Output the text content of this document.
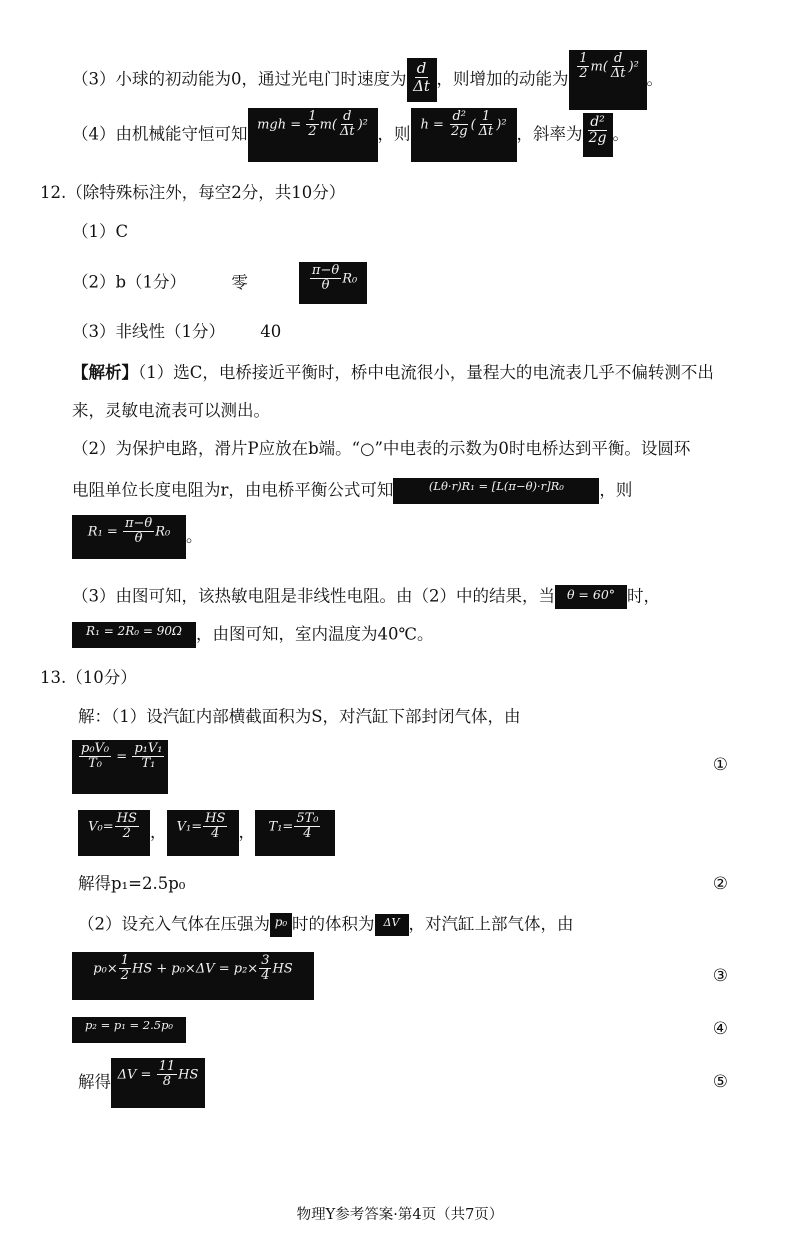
（3）小球的初动能为0，通过光电门时速度为 $\frac{d}{\Delta t}$ ，则增加的动能为 $\frac{1}{2} m( \frac{d}{\Delta t} )^2$。
（4）由机械能守恒可知 mgh = $\frac{1}{2} m( \frac{d}{\Delta t} )^2$ ，则 $h = \frac{\text{d²}}{2g}$ ( $\frac{1}{\Delta t} )^2$ ，斜率为 $\frac{\text{d²}}{2g}$ 。
12.（除特殊标注外，每空2分，共10分）
（1）C
（2）b（1分）	零	$\frac{\pi-\theta}{\theta} R_0$
（3）非线性（1分） 40
【解析】（1）选C，电桥接近平衡时，桥中电流很小，量程大的电流表几乎不偏转测不出
来，灵敏电流表可以测出。
（2）为保护电路，滑片P应放在b端。“○”中电表的示数为0时电桥达到平衡。设圆环
电阻单位长度电阻为r，由电桥平衡公式可知	(Lθ·r)R₁ = [L(π−θ)·r]R₀ ，则
$R_1 = \frac{\pi-\theta}{\theta} R_0$ 。
（3）由图可知，该热敏电阻是非线性电阻。由（2）中的结果，当 θ = 60° 时，
R₁ = 2R₀ = 90Ω ，由图可知，室内温度为40℃。
13.（10分）
解：（1）设汽缸内部横截面积为S，对汽缸下部封闭气体，由
$\frac{\text{p₀V₀}}{\text{T₀}} = \frac{\text{p₁V₁}}{\text{T₁}}$	①
$V_0= \frac{HS}{2}$ ， $V_1= \frac{HS}{4}$ ， $T_1= \frac{\text{5T₀}}{4}$
解得p₁=2.5p₀	②
（2）设充入气体在压强为 p₀ 时的体积为 ΔV ，对汽缸上部气体，由
$p_0\times \frac{1}{2}$ HS + $p_0\times\Delta V = p_2\times \frac{3}{4}$ HS	③
p₂ = p₁ = 2.5p₀	④
解得 $\Delta V = \frac{11}{8}$ HS	⑤
物理Y参考答案·第4页（共7页）
